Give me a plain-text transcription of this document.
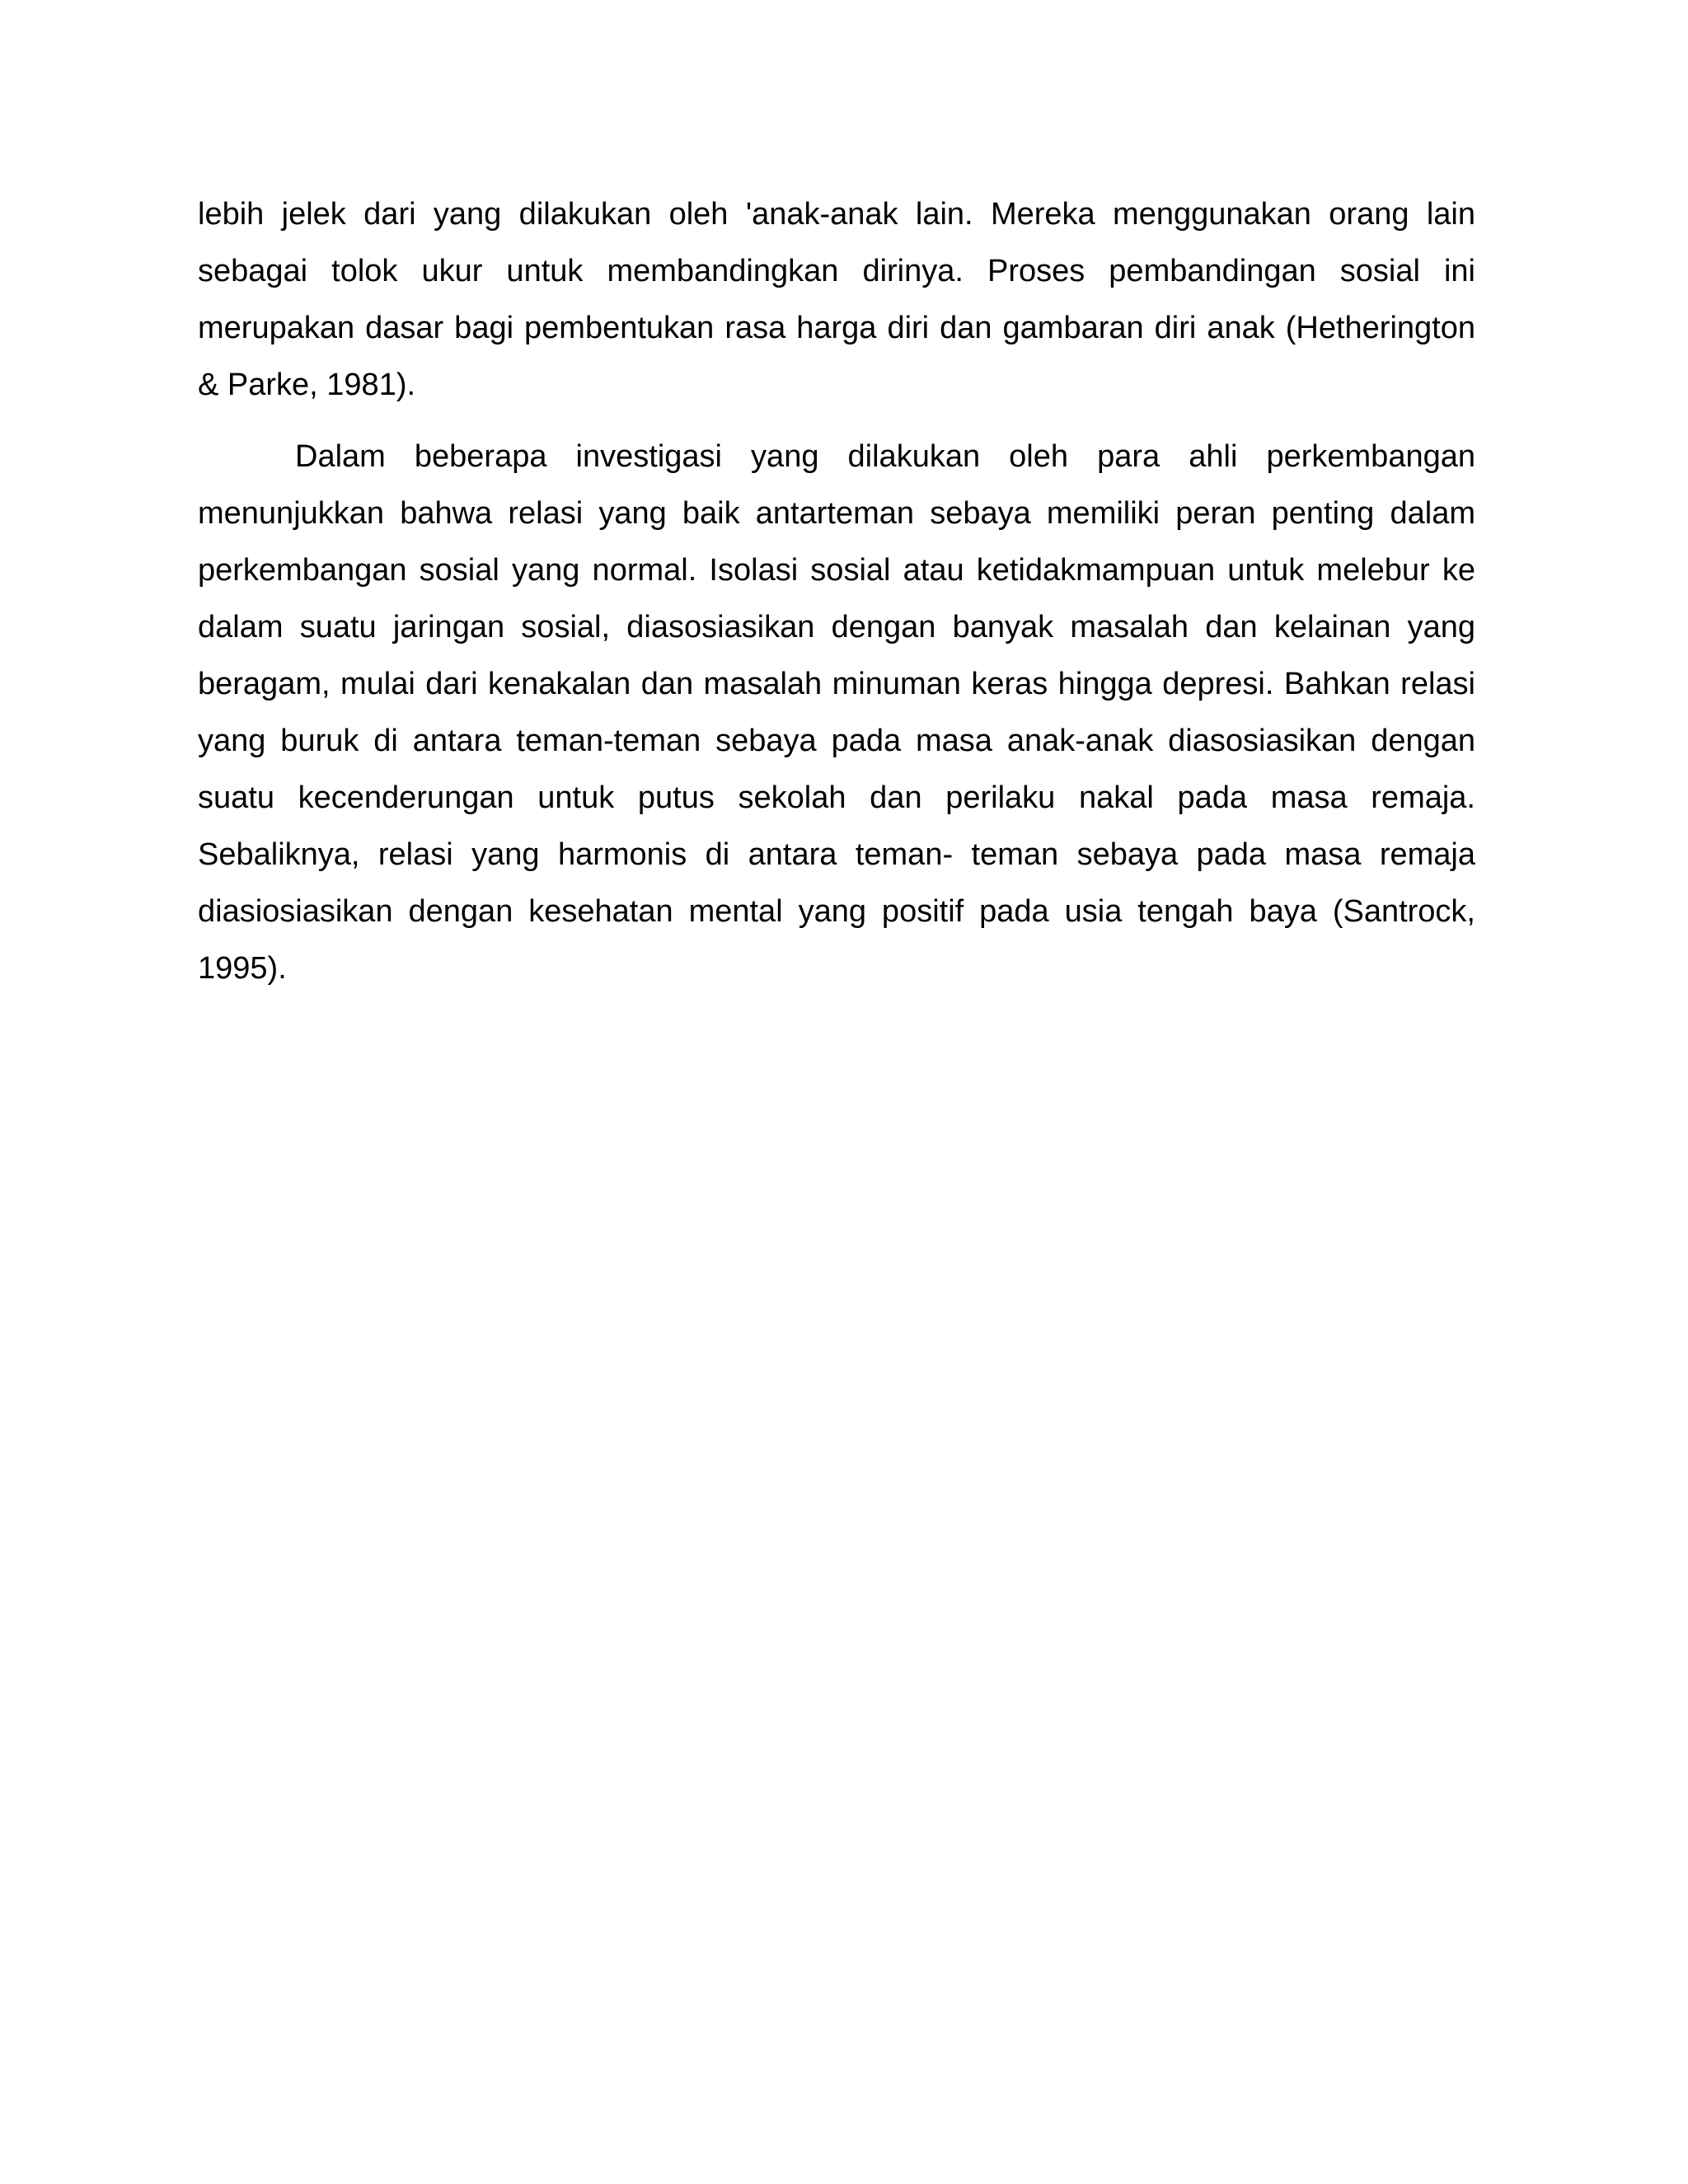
lebih jelek dari yang dilakukan oleh 'anak-anak lain. Mereka menggunakan orang lain sebagai tolok ukur untuk membandingkan dirinya. Proses pembandingan sosial ini merupakan dasar bagi pembentukan rasa harga diri dan gambaran diri anak (Hetherington & Parke, 1981).

Dalam beberapa investigasi yang dilakukan oleh para ahli perkembangan menunjukkan bahwa relasi yang baik antarteman sebaya memiliki peran penting dalam perkembangan sosial yang normal. Isolasi sosial atau ketidakmampuan untuk melebur ke dalam suatu jaringan sosial, diasosiasikan dengan banyak masalah dan kelainan yang beragam, mulai dari kenakalan dan masalah minuman keras hingga depresi. Bahkan relasi yang buruk di antara teman-teman sebaya pada masa anak-anak diasosiasikan dengan suatu kecenderungan untuk putus sekolah dan perilaku nakal pada masa remaja. Sebaliknya, relasi yang harmonis di antara teman- teman sebaya pada masa remaja diasiosiasikan dengan kesehatan mental yang positif pada usia tengah baya (Santrock, 1995).
